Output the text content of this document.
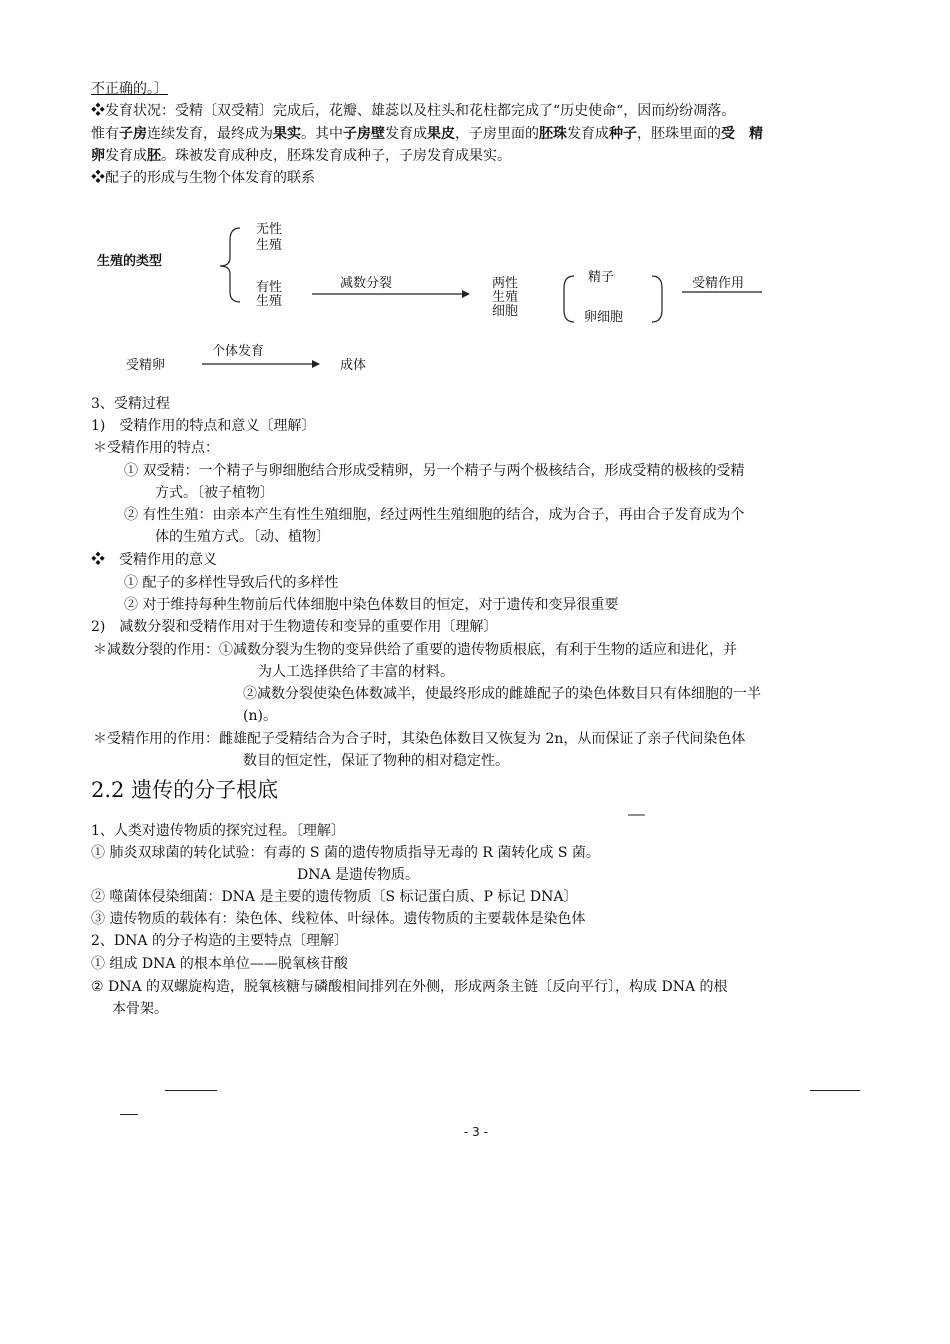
不正确的。〕
❖发育状况：受精〔双受精〕完成后，花瓣、雄蕊以及柱头和花柱都完成了“历史使命“，因而纷纷凋落。
惟有子房连续发育，最终成为果实。其中子房壁发育成果皮，子房里面的胚珠发育成种子，胚珠里面的受　精
卵发育成胚。珠被发育成种皮，胚珠发育成种子，子房发育成果实。
❖配子的形成与生物个体发育的联系
生殖的类型
无性
生殖
有性
生殖
减数分裂	两性
生殖
细胞
精子
卵细胞
受精作用
受精卵
个体发育
成体
3、受精过程
1)　受精作用的特点和意义〔理解〕
＊受精作用的特点：
① 双受精：一个精子与卵细胞结合形成受精卵，另一个精子与两个极核结合，形成受精的极核的受精
方式。〔被子植物〕
② 有性生殖：由亲本产生有性生殖细胞，经过两性生殖细胞的结合，成为合子，再由合子发育成为个
体的生殖方式。〔动、植物〕
❖　受精作用的意义
① 配子的多样性导致后代的多样性
② 对于维持每种生物前后代体细胞中染色体数目的恒定，对于遗传和变异很重要
2)　减数分裂和受精作用对于生物遗传和变异的重要作用〔理解〕
＊减数分裂的作用：①减数分裂为生物的变异供给了重要的遗传物质根底，有利于生物的适应和进化，并
为人工选择供给了丰富的材料。
②减数分裂使染色体数减半，使最终形成的雌雄配子的染色体数目只有体细胞的一半
(n)。
＊受精作用的作用：雌雄配子受精结合为合子时，其染色体数目又恢复为 2n，从而保证了亲子代间染色体
数目的恒定性，保证了物种的相对稳定性。
2.2 遗传的分子根底
1、人类对遗传物质的探究过程。〔理解〕
① 肺炎双球菌的转化试验：有毒的 S 菌的遗传物质指导无毒的 R 菌转化成 S 菌。
DNA 是遗传物质。
② 噬菌体侵染细菌：DNA 是主要的遗传物质〔S 标记蛋白质、P 标记 DNA〕
③ 遗传物质的载体有：染色体、线粒体、叶绿体。遗传物质的主要载体是染色体
2、DNA 的分子构造的主要特点〔理解〕
① 组成 DNA 的根本单位——脱氧核苷酸
② DNA 的双螺旋构造，脱氧核糖与磷酸相间排列在外侧，形成两条主链〔反向平行〕，构成 DNA 的根
本骨架。
- 3 -
